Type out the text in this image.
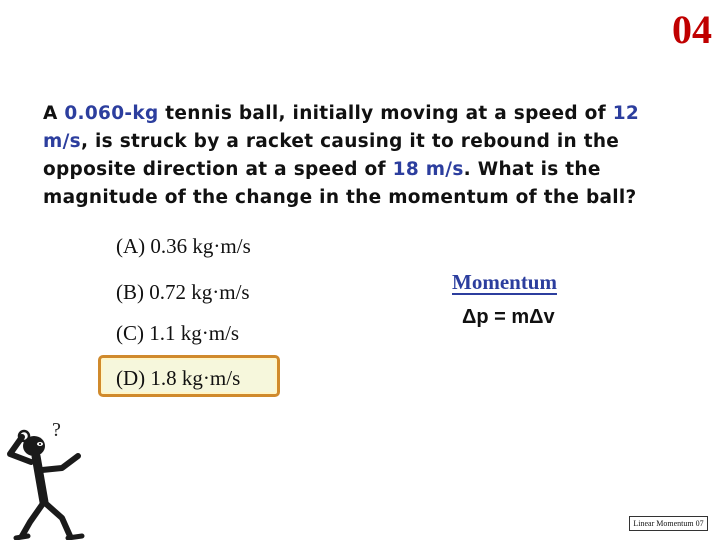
04
A 0.060-kg tennis ball, initially moving at a speed of 12 m/s, is struck by a racket causing it to rebound in the opposite direction at a speed of 18 m/s. What is the magnitude of the change in the momentum of the ball?
(A) 0.36 kg·m/s
(B) 0.72 kg·m/s
(C) 1.1 kg·m/s
(D) 1.8 kg·m/s
Momentum
Δp = mΔv
?
Linear Momentum 07
